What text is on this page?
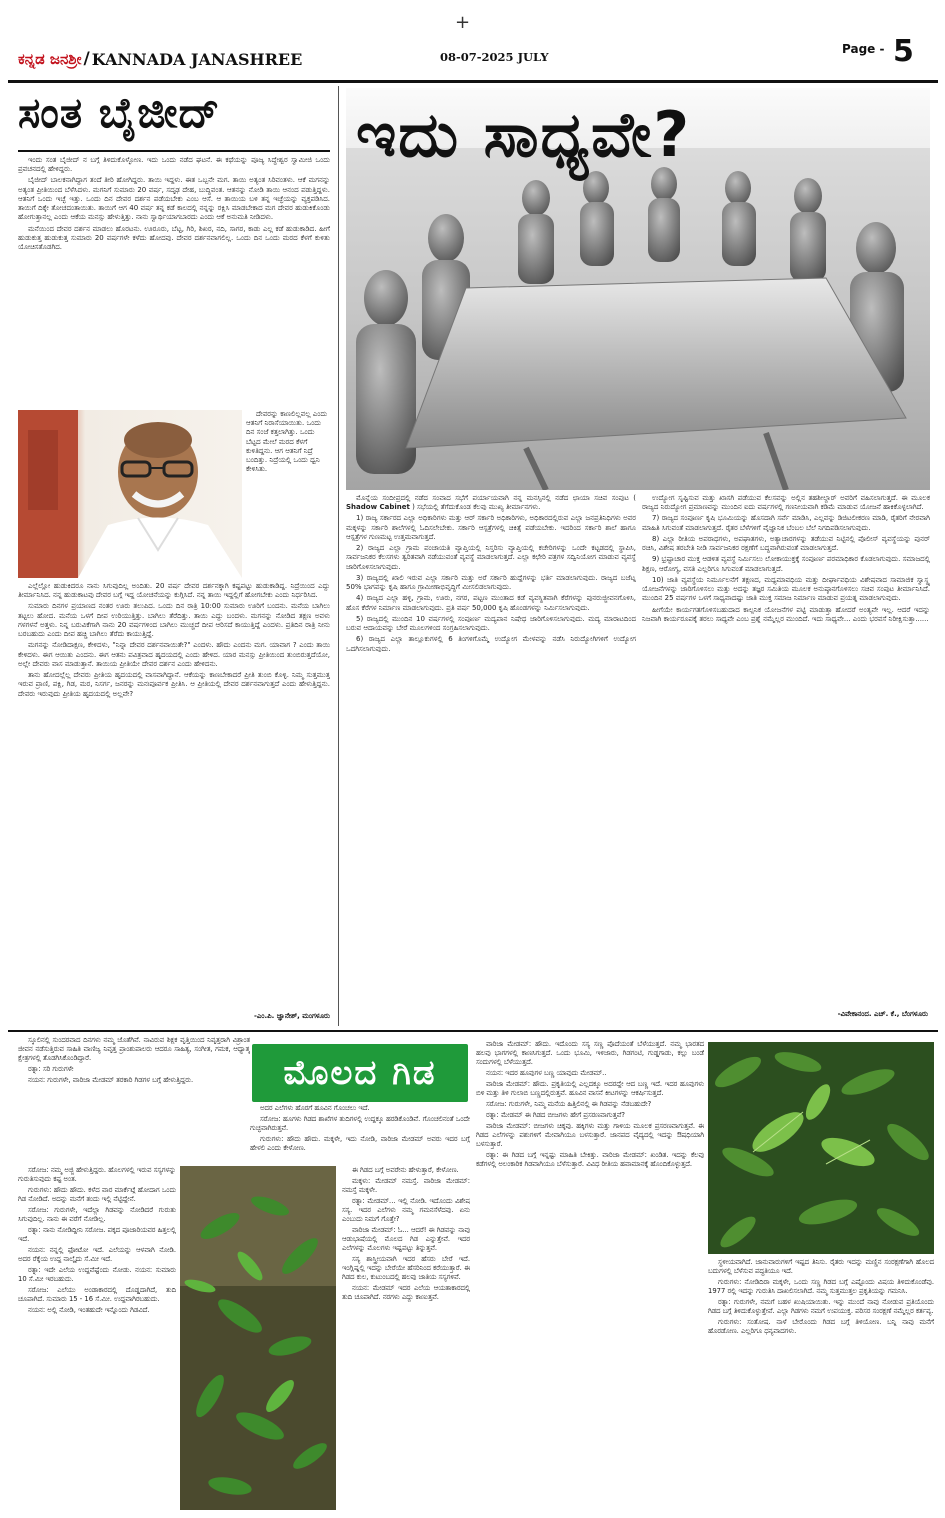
+
ಕನ್ನಡ ಜನಶ್ರೀ / KANNADA JANASHREE	08-07-2025 JULY
Page - 5
ಸಂತ ಬೈಜೀದ್

ಇಂದು ಸಂತ ಬೈಜೀದ್ ನ ಬಗ್ಗೆ ತಿಳಿದುಕೊಳ್ಳೋಣ. ಇದು ಒಂದು ನಡೆದ ಘಟನೆ. ಈ ಕಥೆಯನ್ನು ಪೂಜ್ಯ ಸಿದ್ಧೇಶ್ವರ ಸ್ವಾಮೀಜಿ ಒಂದು ಪ್ರವಚನದಲ್ಲಿ ಹೇಳಿದ್ದರು.

ಬೈಜೀದ್ ಬಾಲಕನಾಗಿದ್ದಾಗ ತಂದೆ ತೀರಿ ಹೋಗಿದ್ದರು. ತಾಯಿ ಇದ್ದಳು. ಈತ ಒಬ್ಬನೇ ಮಗ. ತಾಯಿ ಅತ್ಯಂತ ಸಿರಿವಂತಳು. ಆಕೆ ಮಗನನ್ನು ಅತ್ಯಂತ ಪ್ರೀತಿಯಿಂದ ಬೆಳೆಸಿದಳು. ಮಗನಿಗೆ ಸುಮಾರು 20 ವರ್ಷ, ಸದೃಢ ದೇಹ, ಬುದ್ಧಿವಂತ. ಆತನನ್ನು ನೋಡಿ ತಾಯಿ ಆನಂದ ಪಡುತ್ತಿದ್ದಳು. ಆತನಿಗೆ ಒಂದು ಇಚ್ಛೆ ಇತ್ತು. ಒಂದು ದಿನ ದೇವರ ದರ್ಶನ ಪಡೆಯಬೇಕು ಎಂಬ ಆಸೆ. ಆ ತಾಯಿಯ ಬಳಿ ತನ್ನ ಇಚ್ಛೆಯನ್ನು ವ್ಯಕ್ತಪಡಿಸಿದ. ತಾಯಿಗೆ ದಿಕ್ಕೇ ತೋಚದಂತಾಯಿತು. ತಾಯಿಗೆ ಆಗ 40 ವರ್ಷ ತನ್ನ ಕಡೆ ಕಾಲದಲ್ಲಿ ನನ್ನನ್ನು ರಕ್ಷಿಸಿ ಮಾಡಬೇಕಾದ ಮಗ ದೇವರ ಹುಡುಕಿಕೊಂಡು ಹೋಗುತ್ತಾನಲ್ಲ ಎಂದು ಆಕೆಯ ಮನಸ್ಸು ಹೇಳುತ್ತಿತ್ತು. ನಾನು ಸ್ವಾರ್ಥಿಯಾಗಬಾರದು ಎಂದು ಆಕೆ ಅನುಮತಿ ನೀಡಿದಳು.

ಮನೆಯಿಂದ ದೇವರ ದರ್ಶನ ಮಾಡಲು ಹೊರಟನು. ಊರೂರು, ಬೆಟ್ಟ, ಗಿರಿ, ಶಿಖರ, ನದಿ, ಸಾಗರ, ಕಾಡು ಎಲ್ಲ ಕಡೆ ಹುಡುಕಾಡಿದ. ಹೀಗೆ ಹುಡುಕುತ್ತ ಹುಡುಕುತ್ತ ಸುಮಾರು 20 ವರ್ಷಗಳೇ ಕಳೆದು ಹೋದವು. ದೇವರ ದರ್ಶನವಾಗಲಿಲ್ಲ. ಒಂದು ದಿನ ಒಂದು ಮರದ ಕೆಳಗೆ ಕುಳಿತು ಯೋಚಿಸತೊಡಗಿದ.

ದೇವರನ್ನು ಕಾಣಲಿಲ್ಲವಲ್ಲ ಎಂದು ಆತನಿಗೆ ನಿರಾಸೆಯಾಯಿತು. ಒಂದು ದಿನ ಸಂಜೆ ಕತ್ತಲಾಗಿತ್ತು. ಒಂದು ಬೆಟ್ಟದ ಮೇಲೆ ಮರದ ಕೆಳಗೆ ಕುಳಿತಿದ್ದನು. ಆಗ ಆತನಿಗೆ ನಿದ್ರೆ ಬಂದಿತ್ತು. ನಿದ್ರೆಯಲ್ಲಿ ಒಂದು ಧ್ವನಿ ಕೇಳಿಸಿತು.

ಎಲ್ಲೆಲ್ಲೋ ಹುಡುಕಿದರೂ ನಾನು ಸಿಗುವುದಿಲ್ಲ ಅಂದಿತು. 20 ವರ್ಷ ದೇವರ ದರ್ಶನಕ್ಕಾಗಿ ಕಷ್ಟಪಟ್ಟು ಹುಡುಕಾಡಿದ್ದ. ನಿದ್ರೆಯಿಂದ ಎದ್ದು ತೀರ್ಮಾನಿಸಿದ. ನನ್ನ ಹುಡುಕಾಟವು ದೇವರ ಬಗ್ಗೆ ಇದ್ದ ಯೋಚನೆಯನ್ನು ಕುಗ್ಗಿಸಿದೆ. ನನ್ನ ತಾಯಿ ಇದ್ದಲ್ಲಿಗೆ ಹೋಗಬೇಕು ಎಂದು ನಿರ್ಧರಿಸಿದ.

ಸುಮಾರು ದಿನಗಳ ಪ್ರಯಾಣದ ನಂತರ ಊರು ತಲುಪಿದ. ಒಂದು ದಿನ ರಾತ್ರಿ 10:00 ಸುಮಾರು ಊರಿಗೆ ಬಂದನು. ಮನೆಯ ಬಾಗಿಲು ತಟ್ಟಲು ಹೋದ. ಮನೆಯ ಒಳಗೆ ದೀಪ ಉರಿಯುತ್ತಿತ್ತು. ಬಾಗಿಲು ತೆರೆದಿತ್ತು. ತಾಯಿ ಎದ್ದು ಬಂದಳು. ಮಗನನ್ನು ನೋಡಿದ ತಕ್ಷಣ ಅವಳು ಗಳಗಳನೆ ಅತ್ತಳು. ನಿನ್ನ ಬರುವಿಕೆಗಾಗಿ ನಾನು 20 ವರ್ಷಗಳಿಂದ ಬಾಗಿಲು ಮುಚ್ಚದೆ ದೀಪ ಆರಿಸದೆ ಕಾಯುತ್ತಿದ್ದೆ ಎಂದಳು. ಪ್ರತಿದಿನ ರಾತ್ರಿ ನೀನು ಬರಬಹುದು ಎಂದು ದೀಪ ಹಚ್ಚಿ ಬಾಗಿಲು ತೆರೆದು ಕಾಯುತ್ತಿದ್ದೆ.

ಮಗನನ್ನು ನೋಡಿದಾಕ್ಷಣ, ಕೇಳಿದಳು, "ನಿನ್ನಾ ದೇವರ ದರ್ಶನವಾಯಿತೇ?" ಎಂದಳು. ಹೌದು ಎಂದನು ಮಗ. ಯಾವಾಗ ? ಎಂದು ತಾಯಿ ಕೇಳಿದಳು. ಈಗ ಆಯಿತು ಎಂದನು. ಈಗ ಆತನು ಪವಿತ್ರವಾದ ಹೃದಯದಲ್ಲಿ ಎಂದು ಹೇಳಿದ. ಯಾರ ಮನಸ್ಸು ಪ್ರೀತಿಯಿಂದ ತುಂಬಿರುತ್ತದೆಯೋ, ಅಲ್ಲೇ ದೇವರು ವಾಸ ಮಾಡುತ್ತಾನೆ. ತಾಯಿಯ ಪ್ರೀತಿಯೇ ದೇವರ ದರ್ಶನ ಎಂದು ಹೇಳಿದನು.

ತಾನು ಹೋದಲ್ಲೆಲ್ಲ ದೇವರು ಪ್ರೀತಿಯ ಹೃದಯದಲ್ಲಿ ವಾಸವಾಗಿದ್ದಾನೆ. ಆಕೆಯನ್ನು ಕಾಣಬೇಕಾದರೆ ಪ್ರೀತಿ ತುಂಬಿ ಕೊಳ್ಳಿ. ನಿಮ್ಮ ಸುತ್ತಮುತ್ತ ಇರುವ ಪ್ರಾಣಿ, ಪಕ್ಷಿ, ಗಿಡ, ಮರ, ನಿಸರ್ಗ, ಜನರನ್ನು ಮನಃಪೂರ್ವಕ ಪ್ರೀತಿಸಿ. ಆ ಪ್ರೀತಿಯಲ್ಲಿ ದೇವರ ದರ್ಶನವಾಗುತ್ತದೆ ಎಂದು ಹೇಳುತ್ತಿದ್ದನು. ದೇವರು ಇರುವುದು ಪ್ರೀತಿಯ ಹೃದಯದಲ್ಲಿ ಅಲ್ಲವೇ?

-ಎಂ.ಪಿ. ಜ್ಞಾನೇಶ್, ಮಂಗಳೂರು
ಇದು ಸಾಧ್ಯವೇ?

ಮೊನ್ನೆಯ ಸಂದೀಪ್ರದಲ್ಲಿ ನಡೆದ ಸಂವಾದ ಸಭೆಗೆ ಪರ್ಯಾಯವಾಗಿ ನನ್ನ ಮನಸ್ಸಿನಲ್ಲಿ ನಡೆದ ಛಾಯಾ ಸಚಿವ ಸಂಪುಟ ( Shadow Cabinet ) ಸಭೆಯಲ್ಲಿ ತೆಗೆದುಕೊಂಡ ಕೆಲವು ಮುಖ್ಯ ತೀರ್ಮಾನಗಳು.

1) ರಾಜ್ಯ ಸರ್ಕಾರದ ಎಲ್ಲಾ ಅಧಿಕಾರಿಗಳು ಮತ್ತು ಆರ್ ಸರ್ಕಾರಿ ಅಧಿಕಾರಿಗಳು, ಅಧಿಕಾರದಲ್ಲಿರುವ ಎಲ್ಲಾ ಜನಪ್ರತಿನಿಧಿಗಳು ಅವರ ಮಕ್ಕಳನ್ನು ಸರ್ಕಾರಿ ಶಾಲೆಗಳಲ್ಲಿ ಓದಿಸಲೇಬೇಕು. ಸರ್ಕಾರಿ ಆಸ್ಪತ್ರೆಗಳಲ್ಲಿ ಚಿಕಿತ್ಸೆ ಪಡೆಯಬೇಕು. ಇದರಿಂದ ಸರ್ಕಾರಿ ಶಾಲೆ ಹಾಗೂ ಆಸ್ಪತ್ರೆಗಳ ಗುಣಮಟ್ಟ ಉತ್ತಮವಾಗುತ್ತದೆ.

2) ರಾಜ್ಯದ ಎಲ್ಲಾ ಗ್ರಾಮ ಪಂಚಾಯತಿ ವ್ಯಾಪ್ತಿಯಲ್ಲಿ ನಿಸ್ತರಿಸು ವ್ಯಾಪ್ತಿಯಲ್ಲಿ ಕಚೇರಿಗಳನ್ನು ಒಂದೇ ಕಟ್ಟಡದಲ್ಲಿ ಸ್ಥಾಪಿಸಿ, ಸಾರ್ವಜನಿಕರ ಕೆಲಸಗಳು ತ್ವರಿತವಾಗಿ ನಡೆಯುವಂತೆ ವ್ಯವಸ್ಥೆ ಮಾಡಲಾಗುತ್ತದೆ. ಎಲ್ಲಾ ಕಛೇರಿ ಪತ್ರಗಳ ಸದ್ವಿನಿಯೋಗ ಮಾಡುವ ವ್ಯವಸ್ಥೆ ಜಾರಿಗೊಳಿಸಲಾಗುವುದು.

3) ರಾಜ್ಯದಲ್ಲಿ ಖಾಲಿ ಇರುವ ಎಲ್ಲಾ ಸರ್ಕಾರಿ ಮತ್ತು ಅರೆ ಸರ್ಕಾರಿ ಹುದ್ದೆಗಳನ್ನು ಭರ್ತಿ ಮಾಡಲಾಗುವುದು. ರಾಜ್ಯದ ಬಜೆಟ್ನ 50% ಭಾಗವನ್ನು ಕೃಷಿ ಹಾಗೂ ಗ್ರಾಮೀಣಾಭಿವೃದ್ಧಿಗೆ ಮೀಸಲಿಡಲಾಗುವುದು.

4) ರಾಜ್ಯದ ಎಲ್ಲಾ ಹಳ್ಳಿ, ಗ್ರಾಮ, ಊರು, ನಗರ, ಪಟ್ಟಣ ಮುಂತಾದ ಕಡೆ ವ್ಯವಸ್ಥಿತವಾಗಿ ಕೆರೆಗಳನ್ನು ಪುನರುಜ್ಜೀವನಗೊಳಿಸಿ, ಹೊಸ ಕೆರೆಗಳ ನಿರ್ಮಾಣ ಮಾಡಲಾಗುವುದು. ಪ್ರತಿ ವರ್ಷ 50,000 ಕೃಷಿ ಹೊಂಡಗಳನ್ನು ನಿರ್ಮಿಸಲಾಗುವುದು.

5) ರಾಜ್ಯದಲ್ಲಿ ಮುಂದಿನ 10 ವರ್ಷಗಳಲ್ಲಿ ಸಂಪೂರ್ಣ ಮದ್ಯಪಾನ ನಿಷೇಧ ಜಾರಿಗೊಳಿಸಲಾಗುವುದು. ಮದ್ಯ ಮಾರಾಟದಿಂದ ಬರುವ ಆದಾಯವನ್ನು ಬೇರೆ ಮೂಲಗಳಿಂದ ಸಂಗ್ರಹಿಸಲಾಗುವುದು.

6) ರಾಜ್ಯದ ಎಲ್ಲಾ ತಾಲ್ಲೂಕುಗಳಲ್ಲಿ 6 ತಿಂಗಳಿಗೊಮ್ಮೆ ಉದ್ಯೋಗ ಮೇಳವನ್ನು ನಡೆಸಿ ನಿರುದ್ಯೋಗಿಗಳಿಗೆ ಉದ್ಯೋಗ ಒದಗಿಸಲಾಗುವುದು.

ಉದ್ಯೋಗ ಸೃಷ್ಟಿಸುವ ಮತ್ತು ಖಾಸಗಿ ಪಡೆಯುವ ಕೆಲಸವನ್ನು ಅಲ್ಲಿನ ತಹಶೀಲ್ದಾರ್ ಅವರಿಗೆ ವಹಿಸಲಾಗುತ್ತದೆ. ಈ ಮೂಲಕ ರಾಜ್ಯದ ನಿರುದ್ಯೋಗ ಪ್ರಮಾಣವನ್ನು ಮುಂದಿನ ಐದು ವರ್ಷಗಳಲ್ಲಿ ಗಣನೀಯವಾಗಿ ಕಡಿಮೆ ಮಾಡುವ ಯೋಜನೆ ಹಾಕಿಕೊಳ್ಳಲಾಗಿದೆ.

7) ರಾಜ್ಯದ ಸಂಪೂರ್ಣ ಕೃಷಿ ಭೂಮಿಯನ್ನು ಹೊಸದಾಗಿ ಸರ್ವೆ ಮಾಡಿಸಿ, ಎಲ್ಲವನ್ನು ಡಿಜಿಟಲೀಕರಣ ಮಾಡಿ, ರೈತರಿಗೆ ನೇರವಾಗಿ ಮಾಹಿತಿ ಸಿಗುವಂತೆ ಮಾಡಲಾಗುತ್ತದೆ. ರೈತರ ಬೆಳೆಗಳಿಗೆ ವೈಜ್ಞಾನಿಕ ಬೆಂಬಲ ಬೆಲೆ ನಿಗದಿಪಡಿಸಲಾಗುವುದು.

8) ಎಲ್ಲಾ ರೀತಿಯ ಅಪರಾಧಗಳು, ಅಪಘಾತಗಳು, ಅತ್ಯಾಚಾರಗಳನ್ನು ತಡೆಯುವ ನಿಟ್ಟಿನಲ್ಲಿ ಪೊಲೀಸ್ ವ್ಯವಸ್ಥೆಯನ್ನು ಪುನರ್ ರಚಿಸಿ, ವಿಶೇಷ ತರಬೇತಿ ನೀಡಿ ಸಾರ್ವಜನಿಕರ ರಕ್ಷಣೆಗೆ ಬದ್ಧವಾಗಿರುವಂತೆ ಮಾಡಲಾಗುತ್ತದೆ.

9) ಭ್ರಷ್ಟಾಚಾರ ಮುಕ್ತ ಆಡಳಿತ ವ್ಯವಸ್ಥೆ ನಿರ್ಮಿಸಲು ಲೋಕಾಯುಕ್ತಕ್ಕೆ ಸಂಪೂರ್ಣ ಪರಮಾಧಿಕಾರ ಕೊಡಲಾಗುವುದು. ಸಮಾಜದಲ್ಲಿ ಶಿಕ್ಷಣ, ಆರೋಗ್ಯ, ವಸತಿ ಎಲ್ಲರಿಗೂ ಸಿಗುವಂತೆ ಮಾಡಲಾಗುತ್ತದೆ.

10) ಜಾತಿ ವ್ಯವಸ್ಥೆಯ ನಿರ್ಮೂಲನೆಗೆ ತಕ್ಷಣದ, ಮಧ್ಯಮಾವಧಿಯ ಮತ್ತು ದೀರ್ಘಾವಧಿಯ ವಿಶೇಷವಾದ ಸಾಮಾಜಿಕ ಸ್ವಾಸ್ಥ್ಯ ಯೋಜನೆಗಳನ್ನು ಜಾರಿಗೊಳಿಸಲು ಮತ್ತು ಅದನ್ನು ತಜ್ಞರ ಸಮಿತಿಯ ಮೂಲಕ ಅನುಷ್ಠಾನಗೊಳಿಸಲು ಸಚಿವ ಸಂಪುಟ ತೀರ್ಮಾನಿಸಿದೆ. ಮುಂದಿನ 25 ವರ್ಷಗಳ ಒಳಗೆ ಸಾಧ್ಯವಾದಷ್ಟು ಜಾತಿ ಮುಕ್ತ ಸಮಾಜ ನಿರ್ಮಾಣ ಮಾಡುವ ಪ್ರಯತ್ನ ಮಾಡಲಾಗುವುದು.

ಹೀಗೆಯೇ ಕಾರ್ಯಗತಗೊಳಿಸಬಹುದಾದ ಕಾಲ್ಪನಿಕ ಯೋಜನೆಗಳ ಪಟ್ಟಿ ಮಾಡುತ್ತಾ ಹೋದರೆ ಅಂತ್ಯವೇ ಇಲ್ಲ. ಆದರೆ ಇದನ್ನು ನಿಜವಾಗಿ ಕಾರ್ಯರೂಪಕ್ಕೆ ತರಲು ಸಾಧ್ಯವೇ ಎಂಬ ಪ್ರಶ್ನೆ ನಮ್ಮೆಲ್ಲರ ಮುಂದಿದೆ. ಇದು ಸಾಧ್ಯವೇ... ಎಂದು ಭರವಸೆ ನಿರೀಕ್ಷಿಸುತ್ತಾ......

-ವಿವೇಕಾನಂದ. ಎಚ್. ಕೆ., ಬೆಂಗಳೂರು

ಸ್ಕೂಲಿನಲ್ಲಿ ಸುಂದರವಾದ ದಿನಗಳು ನಮ್ಮ ಜೊತೆಗಿವೆ. ನಾವಿರುವ ಶಿಕ್ಷಕ ವೃತ್ತಿಯಿಂದ ನಿವೃತ್ತರಾಗಿ ವಿಶ್ರಾಂತ ಜೀವನ ನಡೆಸುತ್ತಿರುವ ಸಾಹಿತಿ ವಾಣಿಜ್ಯ ನಿವೃತ್ತ ಪ್ರಾಂಶುಪಾಲರು ಆದರೂ ಸಾಹಿತ್ಯ, ಸಂಗೀತ, ಗಮಕ, ಆಧ್ಯಾತ್ಮ ಕ್ಷೇತ್ರಗಳಲ್ಲಿ ತೊಡಗಿಸಿಕೊಂಡಿದ್ದಾರೆ.

ರತ್ನಾ: ಸರಿ ಗುರುಗಳೇ

ನಯನ: ಗುರುಗಳೇ, ವಾರಿಜಾ ಮೇಡಮ್ ತರಕಾರಿ ಗಿಡಗಳ ಬಗ್ಗೆ ಹೇಳುತ್ತಿದ್ದರು.

ಸರೋಜ: ನಮ್ಮ ಅಜ್ಜಿ ಹೇಳುತ್ತಿದ್ದರು. ಹೊಲಗಳಲ್ಲಿ ಇರುವ ಸಸ್ಯಗಳನ್ನು ಗುರುತಿಸುವುದು ಕಷ್ಟ ಅಂತ.

ಗುರುಗಳು: ಹೌದು ಹೌದು. ಕಳೆದ ವಾರ ಮಾರ್ಕೆಟ್ಗೆ ಹೋದಾಗ ಒಂದು ಗಿಡ ನೋಡಿದೆ. ಅದನ್ನು ಮನೆಗೆ ತಂದು ಇಲ್ಲಿ ನೆಟ್ಟಿದ್ದೇನೆ.

ಸರೋಜ: ಗುರುಗಳೇ, ಇದೆಲ್ಲಾ ಗಿಡವನ್ನು ನೋಡಿದರೆ ಗುರುತು ಸಿಗುವುದಿಲ್ಲ. ನಾನು ಈ ವರೆಗೆ ನೋಡಿಲ್ಲ.

ರತ್ನಾ: ನಾನು ನೋಡಿದ್ದೀನಿ ಸರೋಜ. ಪಕ್ಕದ ಪೂಜಾರಿಯವರ ಹಿತ್ತಲಲ್ಲಿ ಇದೆ.

ನಯನ: ನನ್ನಲ್ಲಿ ಫೋಟೋ ಇದೆ. ಎಲೆಯನ್ನು ಆಳವಾಗಿ ನೋಡಿ. ಅದರ ರೆಕ್ಕೆಯ ಉದ್ದ ನಾಲ್ಕೈದು ಸೆ.ಮೀ ಇದೆ.

ರತ್ನಾ: ಇದೇ ಎಲೆಯ ಉದ್ದವೆಷ್ಟೆಂದು ನೋಡು. ನಯನ: ಸುಮಾರು 10 ಸೆ.ಮೀ ಇರಬಹುದು.

ಸರೋಜ: ಎಲೆಯು ಅಂಡಾಕಾರದಲ್ಲಿ ದೊಡ್ಡದಾಗಿದೆ, ತುದಿ ಚೂಪಾಗಿದೆ. ಸುಮಾರು 15 - 16 ಸೆ.ಮೀ. ಉದ್ದವಾಗಿರಬಹುದು.

ನಯನ: ಅಲ್ಲಿ ನೋಡಿ, ಇಂತಹುದೇ ಇನ್ನೊಂದು ಗಿಡವಿದೆ.

ಮೊಲದ ಗಿಡ

ಅದರ ಎಲೆಗಳು ಹೊರಗೆ ಹೂವಿನ ಗೊಂಚಲು ಇದೆ.

ಸರೋಜ: ಹೂಗಳು ಗಿಡದ ಶಾಖೆಗಳ ತುದಿಗಳಲ್ಲಿ ಉದ್ದಕ್ಕೂ ಹರಡಿಕೊಂಡಿವೆ. ಗೊಂಚಲಿನಂತೆ ಒಂದೇ ಗುಚ್ಛವಾಗಿರುತ್ತವೆ.

ಗುರುಗಳು: ಹೌದು ಹೌದು. ಮಕ್ಕಳೇ, ಇದು ನೋಡಿ, ವಾರಿಜಾ ಮೇಡಮ್ ಅವರು ಇದರ ಬಗ್ಗೆ ಹೇಳಲಿ ಎಂದು ಕೇಳೋಣ.

ಈ ಗಿಡದ ಬಗ್ಗೆ ಅವರೇನು ಹೇಳುತ್ತಾರೆ, ಕೇಳೋಣ.

ಮಕ್ಕಳು: ಮೇಡಮ್ ನಮಸ್ತೆ. ವಾರಿಜಾ ಮೇಡಮ್: ನಮಸ್ತೆ ಮಕ್ಕಳೇ.

ರತ್ನಾ: ಮೇಡಮ್... ಇಲ್ಲಿ ನೋಡಿ. ಇದೊಂದು ವಿಶೇಷ ಸಸ್ಯ. ಇದರ ಎಲೆಗಳು ನಮ್ಮ ಗಮನಸೆಳೆದವು. ಏನು ಎಂಬುದು ನಿಮಗೆ ಗೊತ್ತೇ?

ವಾರಿಜಾ ಮೇಡಮ್: ಓ... ಆದರೆ! ಈ ಗಿಡವನ್ನು ನಾವು ಆಡುಭಾಷೆಯಲ್ಲಿ ಮೊಲದ ಗಿಡ ಎನ್ನುತ್ತೇವೆ. ಇದರ ಎಲೆಗಳನ್ನು ಮೊಲಗಳು ಇಷ್ಟಪಟ್ಟು ತಿನ್ನುತ್ತವೆ.

ಸಸ್ಯ ಶಾಸ್ತ್ರೀಯವಾಗಿ ಇದರ ಹೆಸರು ಬೇರೆ ಇದೆ. ಇಂಗ್ಲಿಷ್ನಲ್ಲಿ ಇದನ್ನು ಬೇರೆಯೇ ಹೆಸರಿನಿಂದ ಕರೆಯುತ್ತಾರೆ. ಈ ಗಿಡದ ಕುಲ, ಕುಟುಂಬದಲ್ಲಿ ಹಲವು ಜಾತಿಯ ಸಸ್ಯಗಳಿವೆ.

ನಯನ: ಮೇಡಮ್ ಇದರ ಎಲೆಯ ಆಯತಾಕಾರದಲ್ಲಿ ತುದಿ ಚೂಪಾಗಿದೆ. ನರಗಳು ಎದ್ದು ಕಾಣುತ್ತವೆ.

ವಾರಿಜಾ ಮೇಡಮ್: ಹೌದು. ಇದೊಂದು ಸಸ್ಯ ಸಣ್ಣ ಪೊದೆಯಂತೆ ಬೆಳೆಯುತ್ತದೆ. ನಮ್ಮ ಭಾರತದ ಹಲವು ಭಾಗಗಳಲ್ಲಿ ಕಾಣಸಿಗುತ್ತದೆ. ಒಂದು ಭೂಮಿ, ಇಳಿಜಾರು, ಗಿಡಗಂಟಿ, ಗುಡ್ಡಗಾಡು, ಕಲ್ಲು ಬಂಡೆ ಸಂದುಗಳಲ್ಲಿ ಬೆಳೆಯುತ್ತದೆ.

ನಯನ: ಇದರ ಹೂವುಗಳ ಬಣ್ಣ ಯಾವುದು ಮೇಡಮ್..

ವಾರಿಜಾ ಮೇಡಮ್: ಹೌದು. ಪ್ರಕೃತಿಯಲ್ಲಿ ಎಲ್ಲದಕ್ಕೂ ಅದರದ್ದೇ ಆದ ಬಣ್ಣ ಇದೆ. ಇದರ ಹೂವುಗಳು ಬಿಳಿ ಮತ್ತು ತಿಳಿ ಗುಲಾಬಿ ಬಣ್ಣದಲ್ಲಿರುತ್ತವೆ. ಹೂವಿನ ವಾಸನೆ ಕೀಟಗಳನ್ನು ಆಕರ್ಷಿಸುತ್ತದೆ.

ಸರೋಜ: ಗುರುಗಳೇ, ನಿಮ್ಮ ಮನೆಯ ಹಿತ್ತಿಲಿನಲ್ಲಿ ಈ ಗಿಡವನ್ನು ನೆಡಬಹುದೇ?

ರತ್ನಾ: ಮೇಡಮ್ ಈ ಗಿಡದ ಬೀಜಗಳು ಹೇಗೆ ಪ್ರಸರಣವಾಗುತ್ತವೆ?

ವಾರಿಜಾ ಮೇಡಮ್: ಬೀಜಗಳು ಚಿಕ್ಕವು. ಹಕ್ಕಿಗಳು ಮತ್ತು ಗಾಳಿಯ ಮೂಲಕ ಪ್ರಸರಣವಾಗುತ್ತವೆ. ಈ ಗಿಡದ ಎಲೆಗಳನ್ನು ಪಶುಗಳಿಗೆ ಮೇವಾಗಿಯೂ ಬಳಸುತ್ತಾರೆ. ಜಾನಪದ ವೈದ್ಯದಲ್ಲಿ ಇದನ್ನು ಔಷಧಿಯಾಗಿ ಬಳಸುತ್ತಾರೆ.

ರತ್ನಾ: ಈ ಗಿಡದ ಬಗ್ಗೆ ಇನ್ನಷ್ಟು ಮಾಹಿತಿ ಬೇಕಿತ್ತು. ವಾರಿಜಾ ಮೇಡಮ್: ಖಂಡಿತ. ಇದನ್ನು ಕೆಲವು ಕಡೆಗಳಲ್ಲಿ ಅಲಂಕಾರಿಕ ಗಿಡವಾಗಿಯೂ ಬೆಳೆಸುತ್ತಾರೆ. ವಿವಿಧ ರೀತಿಯ ಹವಾಮಾನಕ್ಕೆ ಹೊಂದಿಕೊಳ್ಳುತ್ತದೆ.

ಸ್ಥಳೀಯವಾಗಿದೆ. ಜಾನುವಾರುಗಳಿಗೆ ಇಷ್ಟದ ತಿನಿಸು. ರೈತರು ಇದನ್ನು ಮಣ್ಣಿನ ಸಂರಕ್ಷಣೆಗಾಗಿ ಹೊಲದ ಬದುಗಳಲ್ಲಿ ಬೆಳೆಸುವ ಪದ್ಧತಿಯೂ ಇದೆ.

ಗುರುಗಳು: ನೋಡಿದಿರಾ ಮಕ್ಕಳೇ, ಒಂದು ಸಣ್ಣ ಗಿಡದ ಬಗ್ಗೆ ಎಷ್ಟೊಂದು ವಿಷಯ ತಿಳಿದುಕೊಂಡೆವು. 1977 ರಲ್ಲಿ ಇದನ್ನು ಗುರುತಿಸಿ ದಾಖಲಿಸಲಾಗಿದೆ. ನಮ್ಮ ಸುತ್ತಮುತ್ತಲ ಪ್ರಕೃತಿಯನ್ನು ಗಮನಿಸಿ.

ರತ್ನಾ: ಗುರುಗಳೇ, ನಮಗೆ ಬಹಳ ಖುಷಿಯಾಯಿತು. ಇನ್ನು ಮುಂದೆ ನಾವು ನೋಡುವ ಪ್ರತಿಯೊಂದು ಗಿಡದ ಬಗ್ಗೆ ತಿಳಿದುಕೊಳ್ಳುತ್ತೇವೆ. ಎಲ್ಲಾ ಗಿಡಗಳು ನಮಗೆ ಉಪಯುಕ್ತ. ಪರಿಸರ ಸಂರಕ್ಷಣೆ ನಮ್ಮೆಲ್ಲರ ಕರ್ತವ್ಯ.

ಗುರುಗಳು: ಸಂತೋಷ. ನಾಳೆ ಬೇರೊಂದು ಗಿಡದ ಬಗ್ಗೆ ತಿಳಿಯೋಣ. ಬನ್ನಿ ನಾವು ಮನೆಗೆ ಹೊರಡೋಣ. ಎಲ್ಲರಿಗೂ ಧನ್ಯವಾದಗಳು.
